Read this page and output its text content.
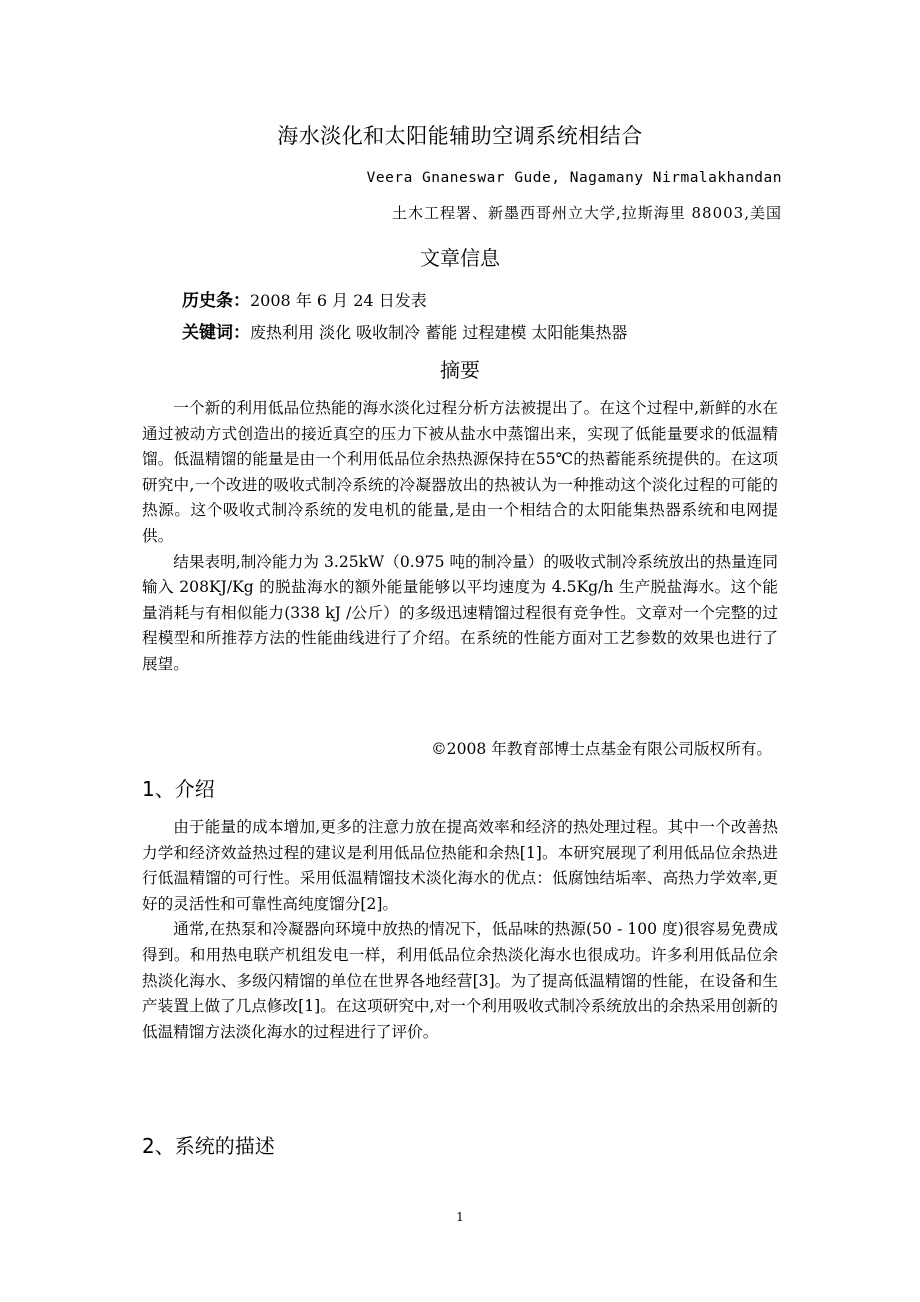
海水淡化和太阳能辅助空调系统相结合
Veera Gnaneswar Gude, Nagamany Nirmalakhandan
土木工程署、新墨西哥州立大学,拉斯海里 88003,美国
文章信息
历史条：2008 年 6 月 24 日发表
关键词：废热利用 淡化 吸收制冷 蓄能 过程建模 太阳能集热器
摘要

一个新的利用低品位热能的海水淡化过程分析方法被提出了。在这个过程中,新鲜的水在通过被动方式创造出的接近真空的压力下被从盐水中蒸馏出来，实现了低能量要求的低温精馏。低温精馏的能量是由一个利用低品位余热热源保持在55℃的热蓄能系统提供的。在这项研究中,一个改进的吸收式制冷系统的冷凝器放出的热被认为一种推动这个淡化过程的可能的热源。这个吸收式制冷系统的发电机的能量,是由一个相结合的太阳能集热器系统和电网提供。

结果表明,制冷能力为 3.25kW（0.975 吨的制冷量）的吸收式制冷系统放出的热量连同输入 208KJ/Kg 的脱盐海水的额外能量能够以平均速度为 4.5Kg/h 生产脱盐海水。这个能量消耗与有相似能力(338 kJ /公斤）的多级迅速精馏过程很有竞争性。文章对一个完整的过程模型和所推荐方法的性能曲线进行了介绍。在系统的性能方面对工艺参数的效果也进行了展望。

©2008 年教育部博士点基金有限公司版权所有。
1、介绍

由于能量的成本增加,更多的注意力放在提高效率和经济的热处理过程。其中一个改善热力学和经济效益热过程的建议是利用低品位热能和余热[1]。本研究展现了利用低品位余热进行低温精馏的可行性。采用低温精馏技术淡化海水的优点：低腐蚀结垢率、高热力学效率,更好的灵活性和可靠性高纯度馏分[2]。

通常,在热泵和冷凝器向环境中放热的情况下，低品味的热源(50 - 100 度)很容易免费成得到。和用热电联产机组发电一样，利用低品位余热淡化海水也很成功。许多利用低品位余热淡化海水、多级闪精馏的单位在世界各地经营[3]。为了提高低温精馏的性能，在设备和生产装置上做了几点修改[1]。在这项研究中,对一个利用吸收式制冷系统放出的余热采用创新的低温精馏方法淡化海水的过程进行了评价。

2、系统的描述
1
